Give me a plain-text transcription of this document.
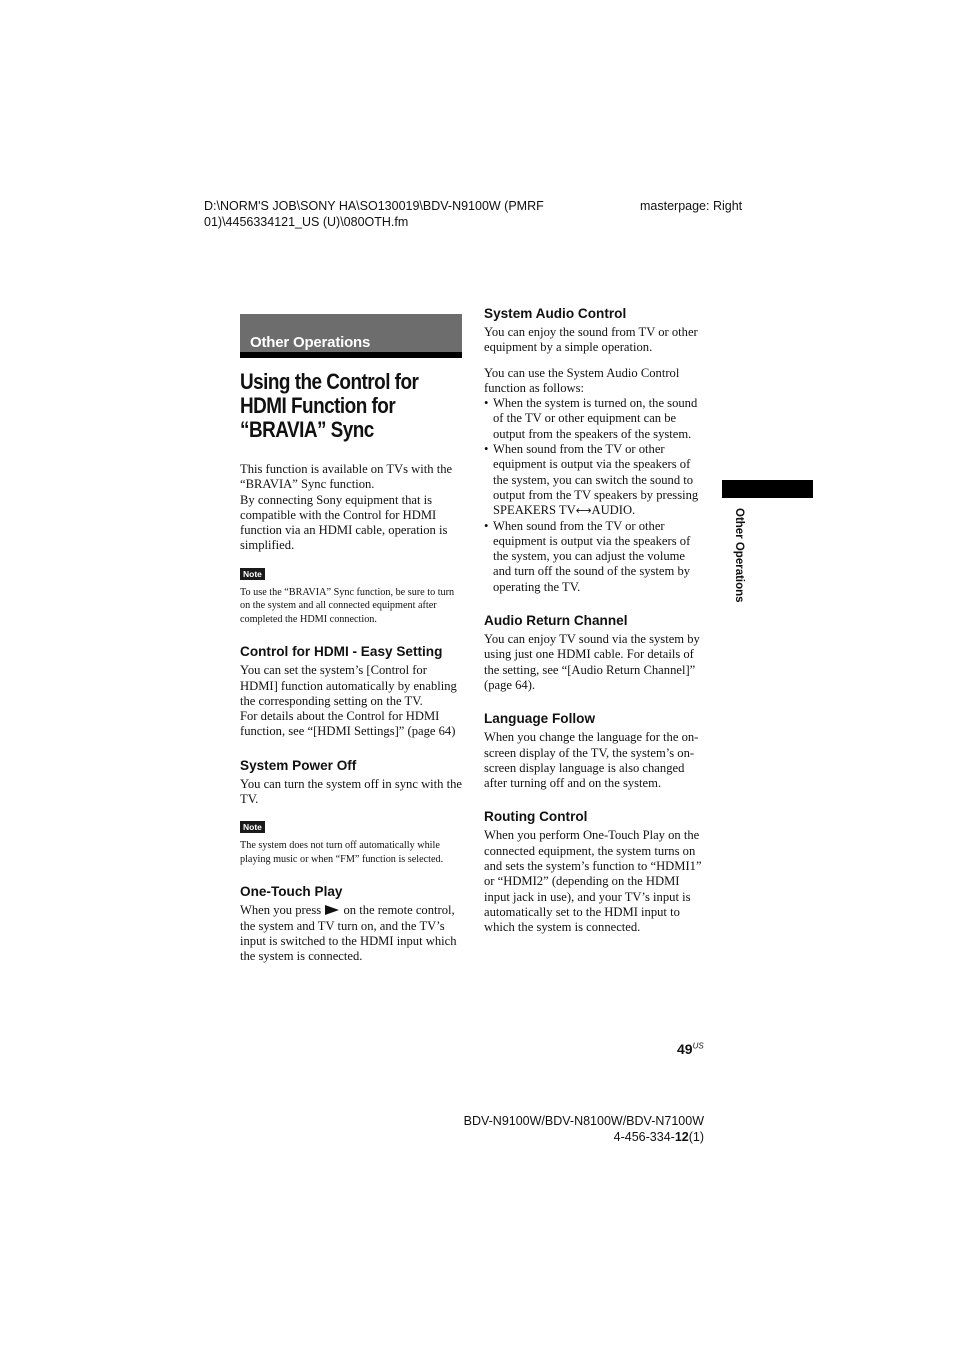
D:\NORM'S JOB\SONY HA\SO130019\BDV-N9100W (PMRF
01)\4456334121_US (U)\080OTH.fm
masterpage: Right
Other Operations
Using the Control for HDMI Function for “BRAVIA” Sync

This function is available on TVs with the “BRAVIA” Sync function.

By connecting Sony equipment that is compatible with the Control for HDMI function via an HDMI cable, operation is simplified.

Note

To use the “BRAVIA” Sync function, be sure to turn on the system and all connected equipment after completed the HDMI connection.

Control for HDMI - Easy Setting

You can set the system’s [Control for HDMI] function automatically by enabling the corresponding setting on the TV.

For details about the Control for HDMI function, see “[HDMI Settings]” (page 64)

System Power Off

You can turn the system off in sync with the TV.

Note

The system does not turn off automatically while playing music or when “FM” function is selected.

One-Touch Play

When you press on the remote control, the system and TV turn on, and the TV’s input is switched to the HDMI input which the system is connected.

System Audio Control

You can enjoy the sound from TV or other equipment by a simple operation.

You can use the System Audio Control function as follows:

• When the system is turned on, the sound of the TV or other equipment can be output from the speakers of the system.
• When sound from the TV or other equipment is output via the speakers of the system, you can switch the sound to output from the TV speakers by pressing SPEAKERS TV⟷AUDIO.
• When sound from the TV or other equipment is output via the speakers of the system, you can adjust the volume and turn off the sound of the system by operating the TV.
Audio Return Channel

You can enjoy TV sound via the system by using just one HDMI cable. For details of the setting, see “[Audio Return Channel]” (page 64).

Language Follow

When you change the language for the on-screen display of the TV, the system’s on-screen display language is also changed after turning off and on the system.

Routing Control

When you perform One-Touch Play on the connected equipment, the system turns on and sets the system’s function to “HDMI1” or “HDMI2” (depending on the HDMI input jack in use), and your TV’s input is automatically set to the HDMI input to which the system is connected.

Other Operations
$49^{US}$
BDV-N9100W/BDV-N8100W/BDV-N7100W
4-456-334-12(1)
